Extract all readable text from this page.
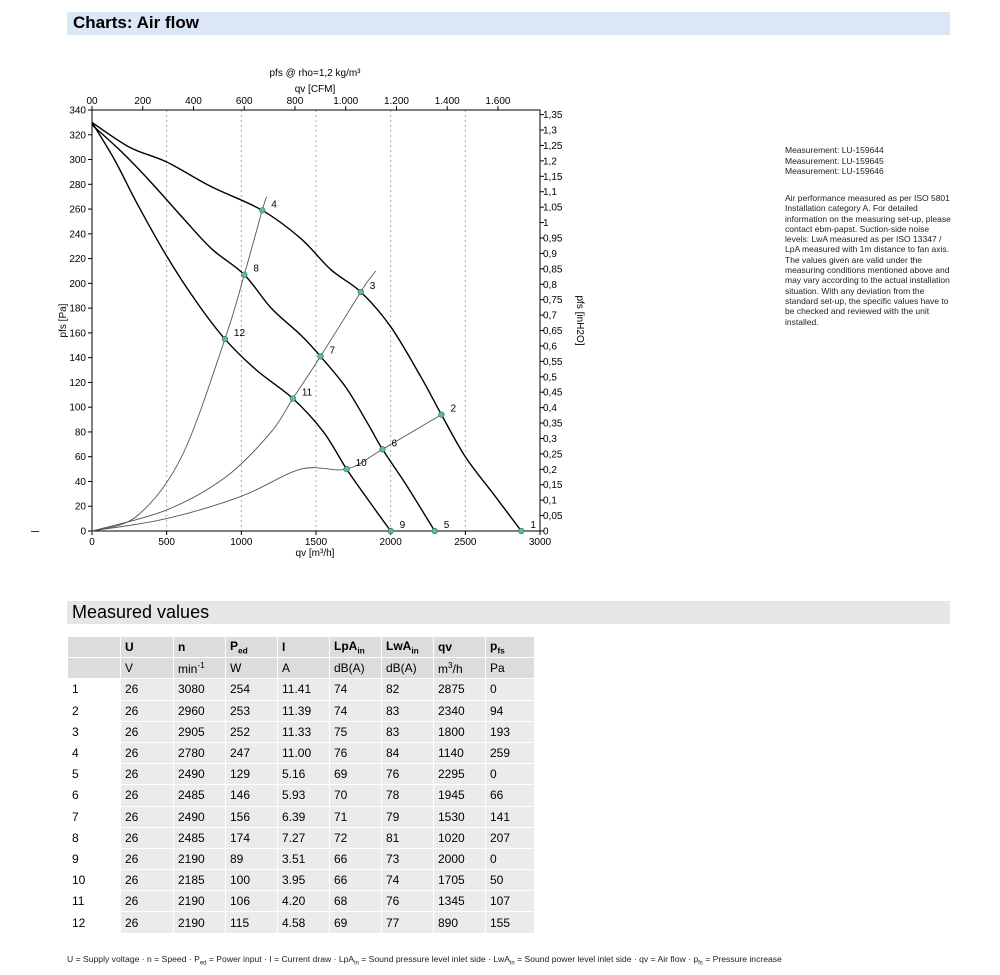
Charts: Air flow
0	500	1000	1500	2000	2500	3000
0
20
40
60
80
100
120
140
160
180
200
220
240
260
280
300
320
340
00	200	400	600	800	1.000	1.200	1.400	1.600
0
0,05
0,1
0,15
0,2
0,25
0,3
0,35
0,4
0,45
0,5
0,55
0,6
0,65
0,7
0,75
0,8
0,85
0,9
0,95
1
1,05
1,1
1,15
1,2
1,25
1,3
1,35
pfs @ rho=1,2 kg/m³
qv [CFM]
qv [m³/h]
pfs [Pa]	pfs [inH2O]
1
2
3
4
5
6
7
8
9
10
11
12
Measurement: LU-159644
Measurement: LU-159645
Measurement: LU-159646
Air performance measured as per ISO 5801 Installation category A. For detailed information on the measuring set-up, please contact ebm-papst. Suction-side noise levels: LwA measured as per ISO 13347 / LpA measured with 1m distance to fan axis. The values given are valid under the measuring conditions mentioned above and may vary according to the actual installation situation. With any deviation from the standard set-up, the specific values have to be checked and reviewed with the unit installed.
Measured values
	U	n	$P_{ed}$	I	LpA$_{in}$	LwA$_{in}$	qv	$p_{fs}$
	V	$\min^{-1}$	W	A	dB(A)	dB(A)	$m^3/h$	Pa
1	26	3080	254	11.41	74	82	2875	0
2	26	2960	253	11.39	74	83	2340	94
3	26	2905	252	11.33	75	83	1800	193
4	26	2780	247	11.00	76	84	1140	259
5	26	2490	129	5.16	69	76	2295	0
6	26	2485	146	5.93	70	78	1945	66
7	26	2490	156	6.39	71	79	1530	141
8	26	2485	174	7.27	72	81	1020	207
9	26	2190	89	3.51	66	73	2000	0
10	26	2185	100	3.95	66	74	1705	50
11	26	2190	106	4.20	68	76	1345	107
12	26	2190	115	4.58	69	77	890	155
U = Supply voltage · n = Speed · $P_{ed}$ = Power input · I = Current draw · LpA$_{in}$ = Sound pressure level inlet side · LwA$_{in}$ = Sound power level inlet side · qv = Air flow · $p_{fs}$ = Pressure increase
